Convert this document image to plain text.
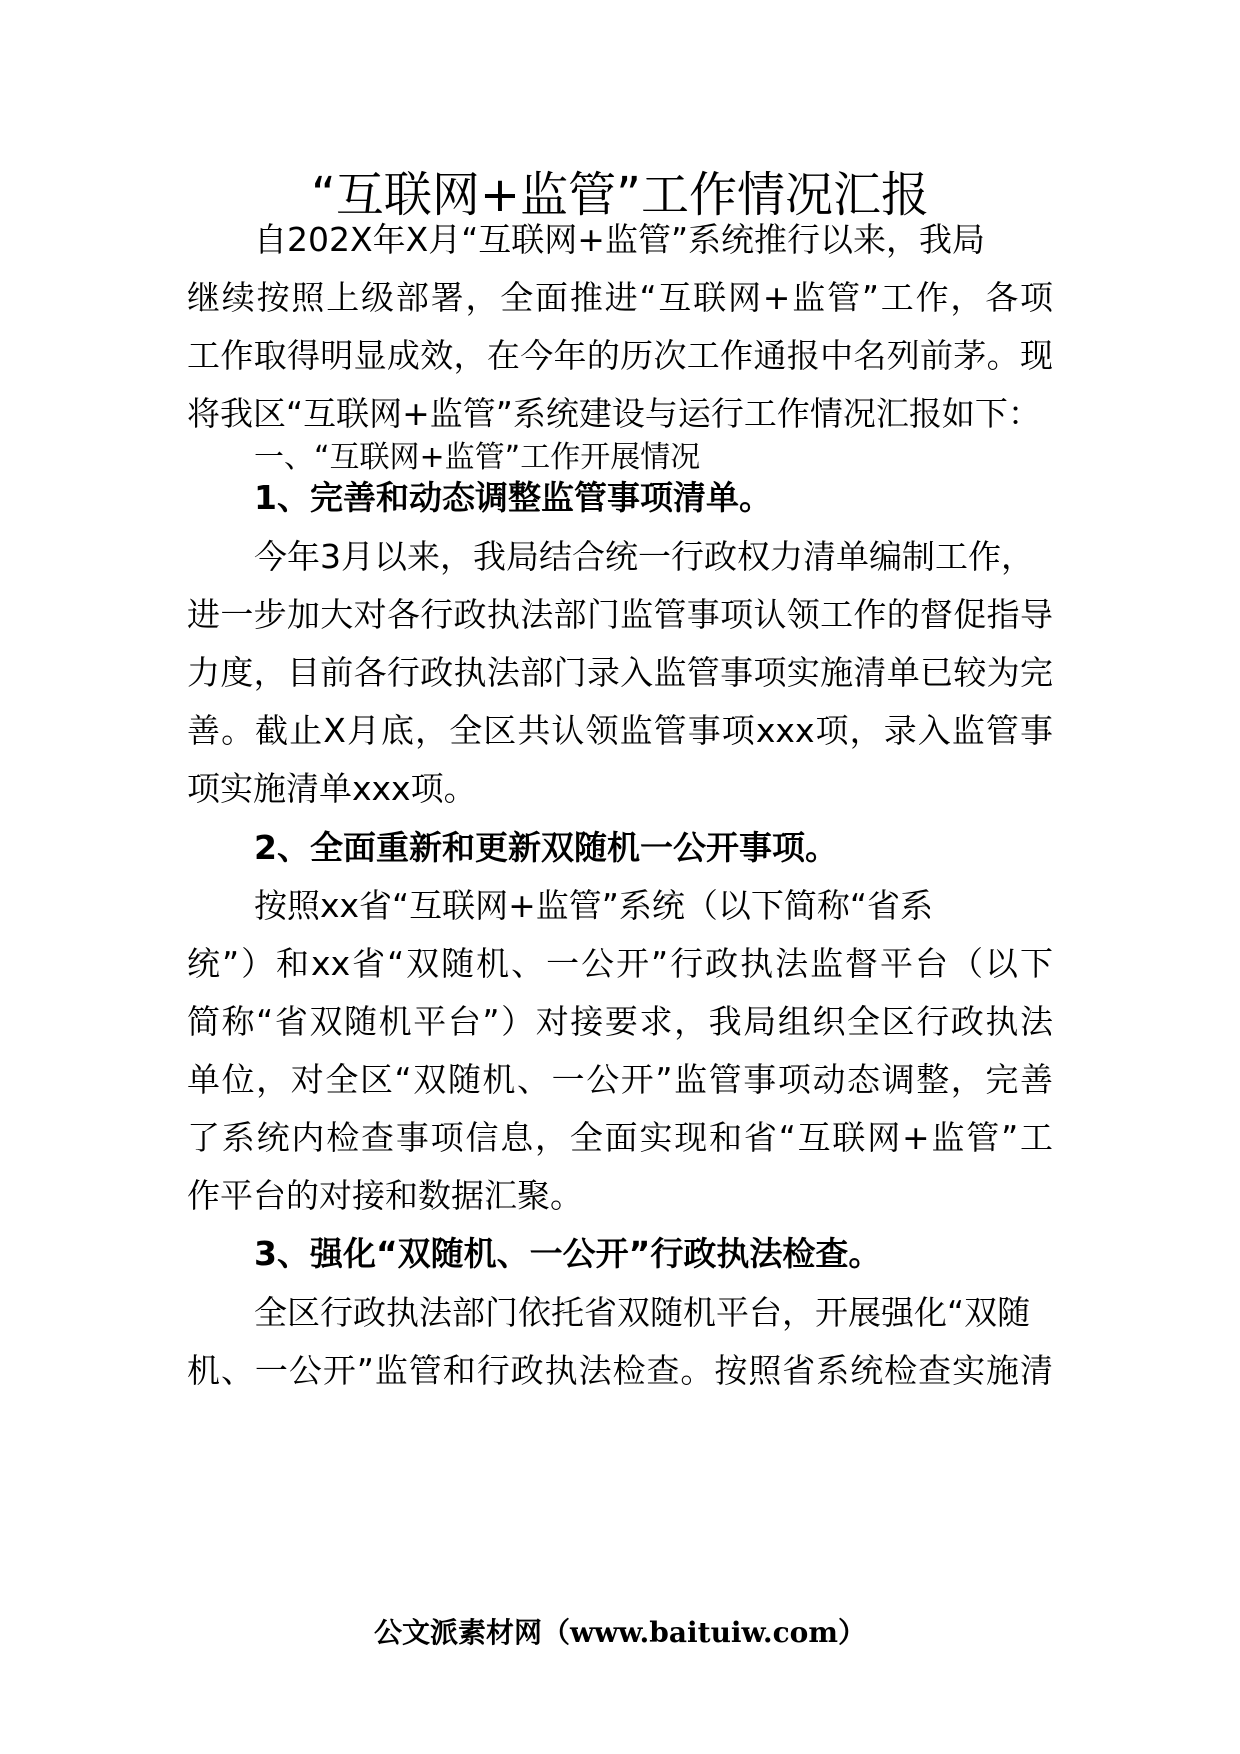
“互联网+监管”工作情况汇报
自202X年X月“互联网+监管”系统推行以来，我局
继续按照上级部署，全面推进“互联网+监管”工作，各项
工作取得明显成效，在今年的历次工作通报中名列前茅。现
将我区“互联网+监管”系统建设与运行工作情况汇报如下：
一、“互联网+监管”工作开展情况
1、完善和动态调整监管事项清单。
今年3月以来，我局结合统一行政权力清单编制工作，
进一步加大对各行政执法部门监管事项认领工作的督促指导
力度，目前各行政执法部门录入监管事项实施清单已较为完
善。截止X月底，全区共认领监管事项xxx项，录入监管事
项实施清单xxx项。
2、全面重新和更新双随机一公开事项。
按照xx省“互联网+监管”系统（以下简称“省系
统”）和xx省“双随机、一公开”行政执法监督平台（以下
简称“省双随机平台”）对接要求，我局组织全区行政执法
单位，对全区“双随机、一公开”监管事项动态调整，完善
了系统内检查事项信息，全面实现和省“互联网+监管”工
作平台的对接和数据汇聚。
3、强化“双随机、一公开”行政执法检查。
全区行政执法部门依托省双随机平台，开展强化“双随
机、一公开”监管和行政执法检查。按照省系统检查实施清
公文派素材网（www.baituiw.com）
